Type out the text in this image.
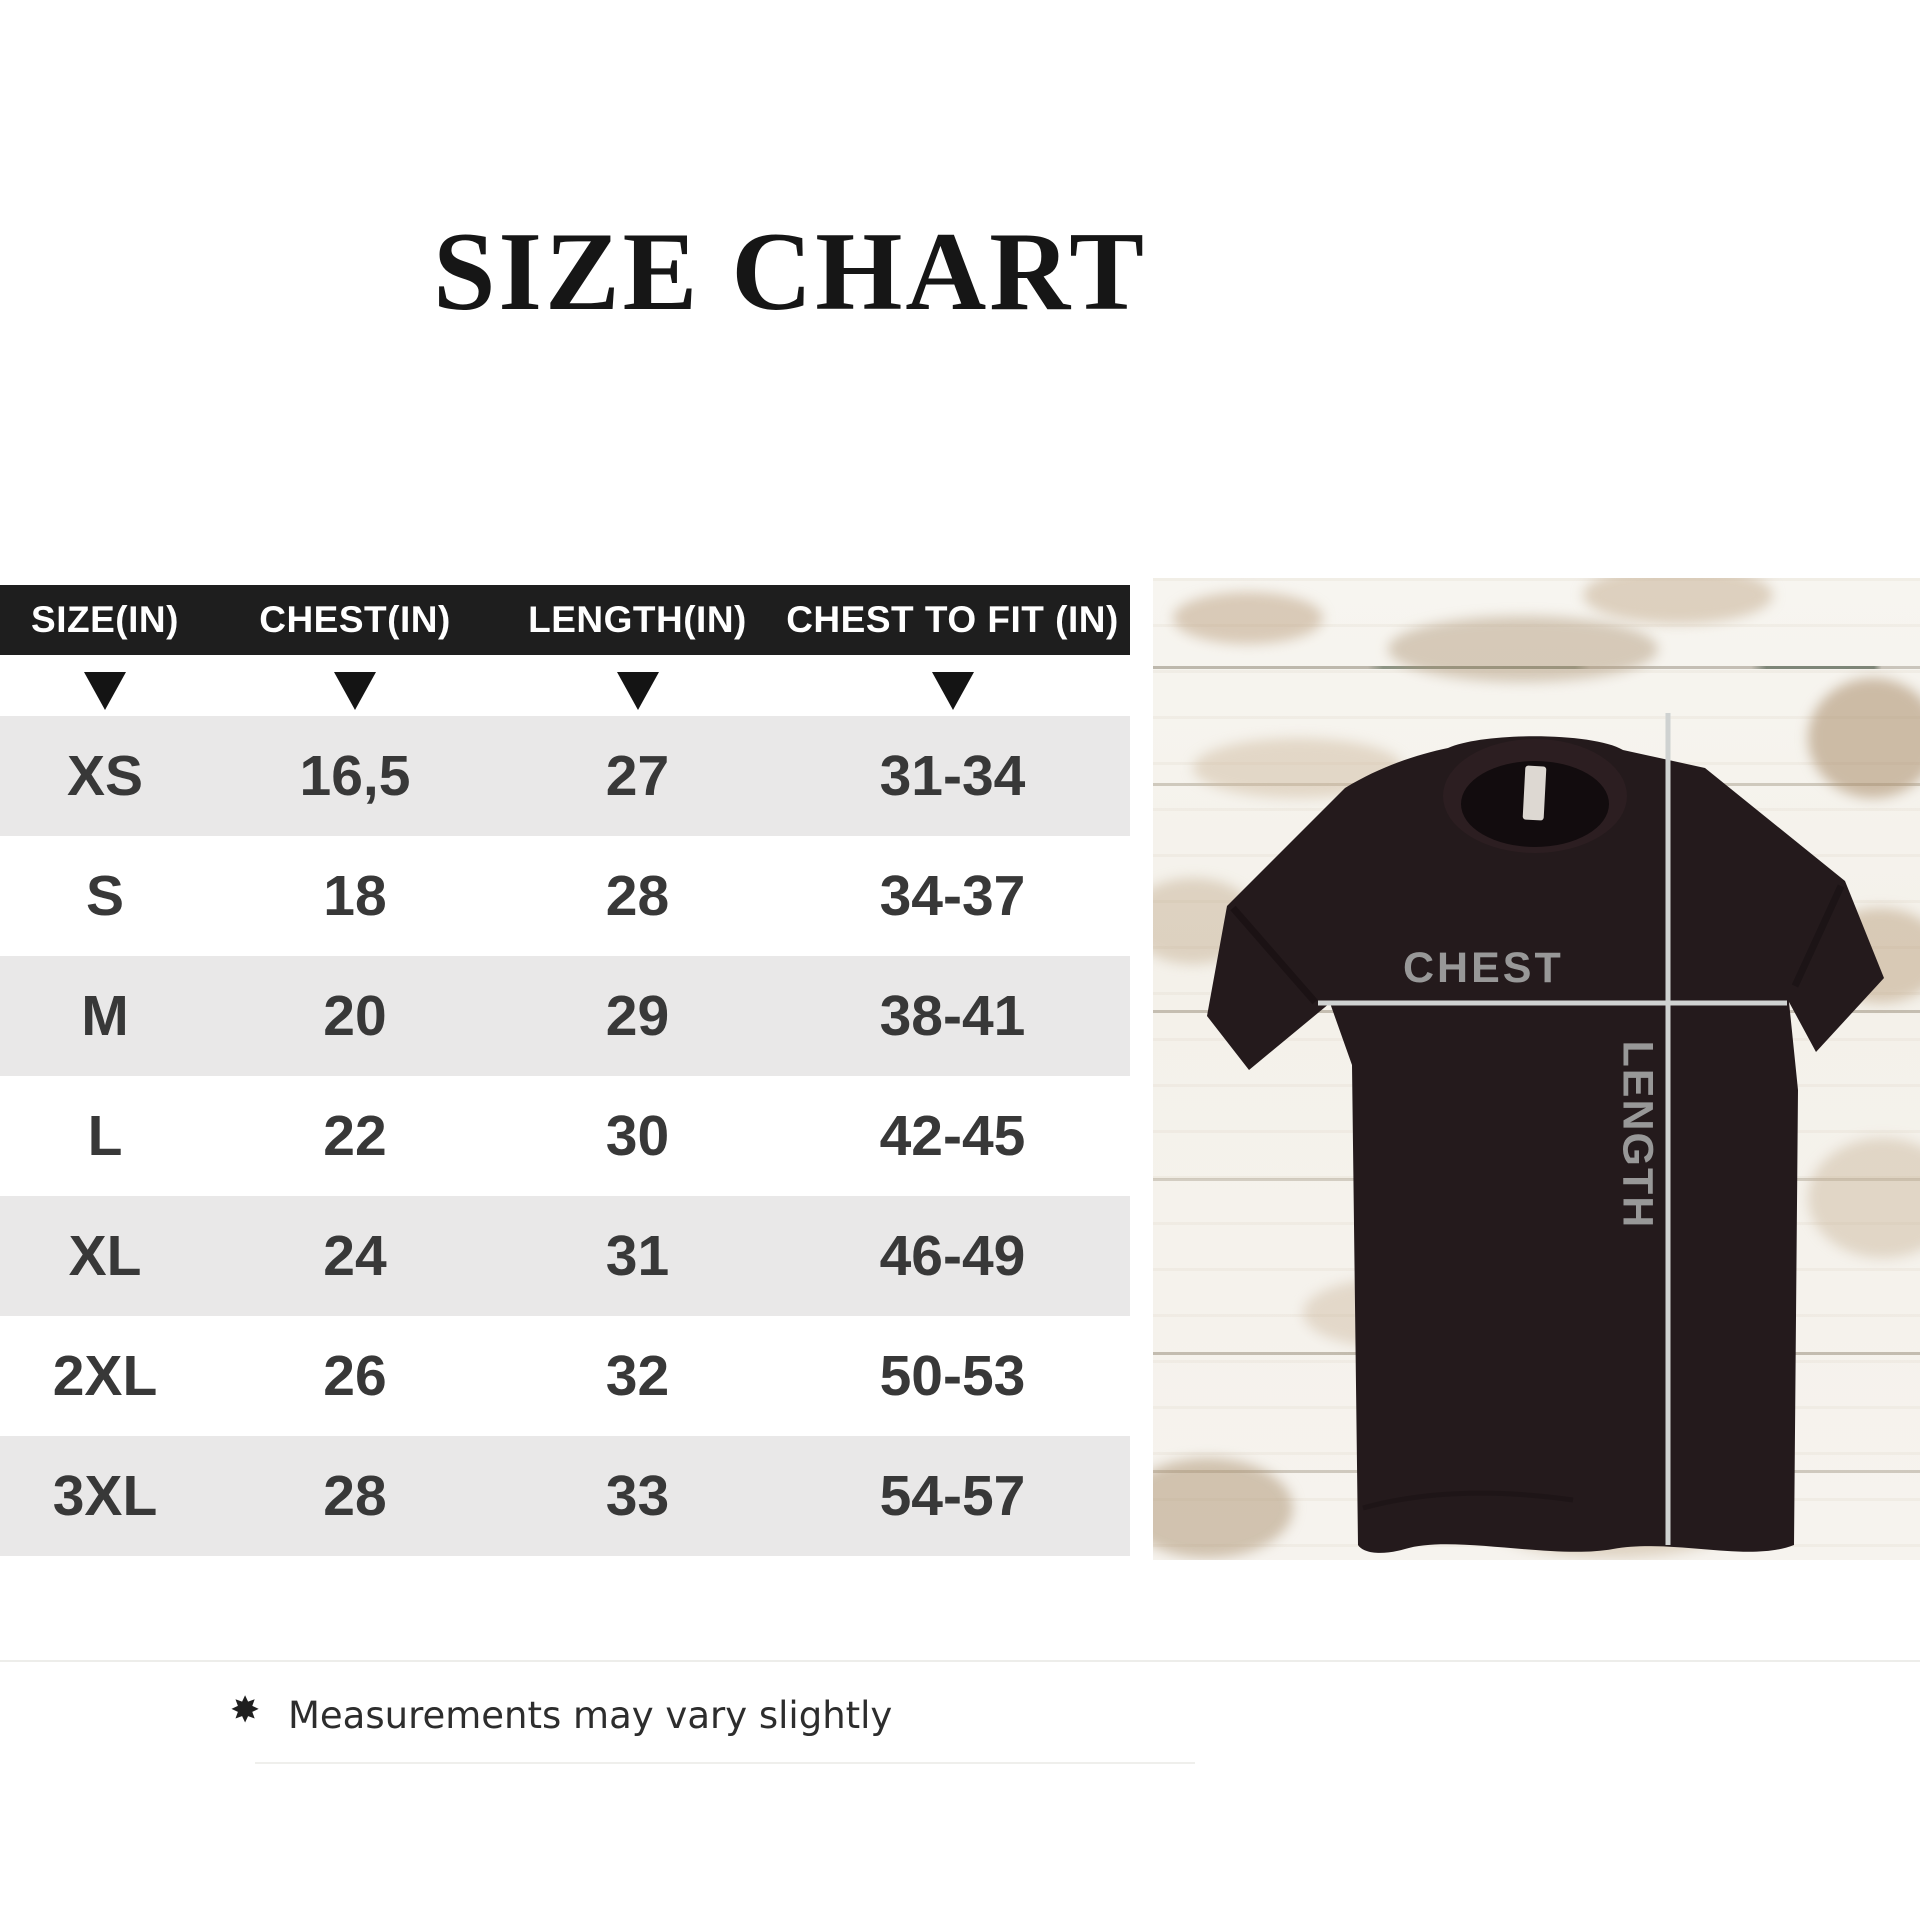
SIZE CHART
SIZE(IN)	CHEST(IN)	LENGTH(IN)	CHEST TO FIT (IN)
XS	16,5	27	31-34
S	18	28	34-37
M	20	29	38-41
L	22	30	42-45
XL	24	31	46-49
2XL	26	32	50-53
3XL	28	33	54-57
CHEST
LENGTH
✸ Measurements may vary slightly
